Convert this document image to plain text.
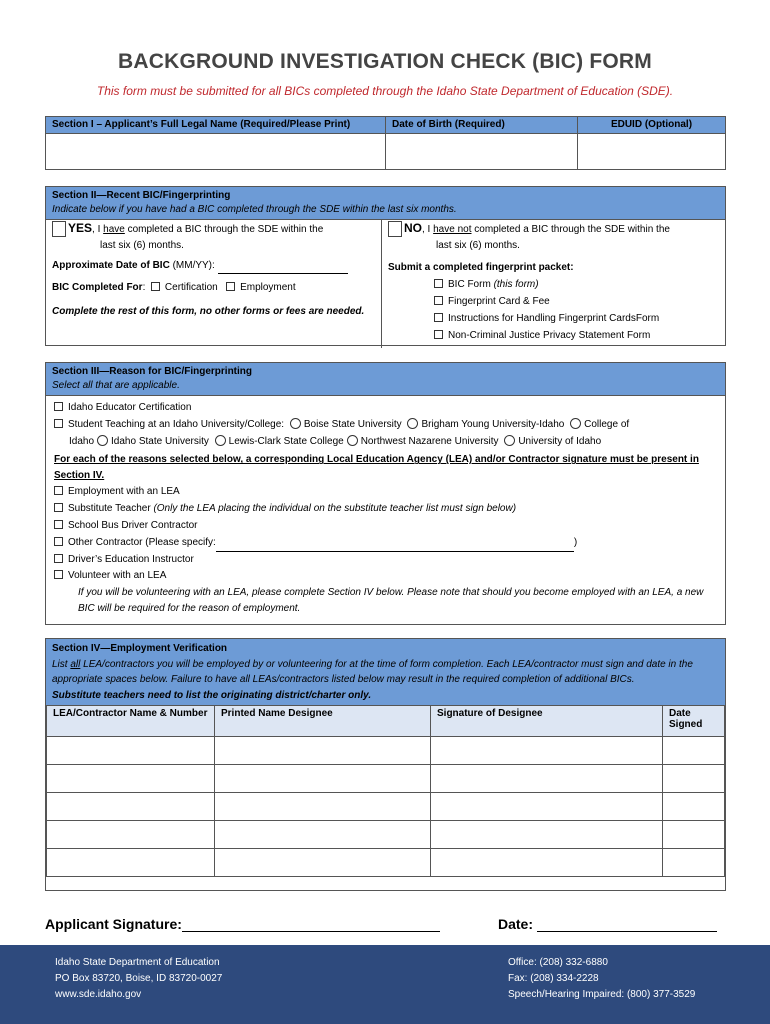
BACKGROUND INVESTIGATION CHECK (BIC) FORM
This form must be submitted for all BICs completed through the Idaho State Department of Education (SDE).
Section I – Applicant’s Full Legal Name (Required/Please Print)	Date of Birth (Required)	EDUID (Optional)
Section II—Recent BIC/Fingerprinting
Indicate below if you have had a BIC completed through the SDE within the last six months.
YES, I have completed a BIC through the SDE within the
last six (6) months.
Approximate Date of BIC (MM/YY):
BIC Completed For: Certification Employment
Complete the rest of this form, no other forms or fees are needed.
NO, I have not completed a BIC through the SDE within the
last six (6) months.
Submit a completed fingerprint packet:
BIC Form (this form)
Fingerprint Card & Fee
Instructions for Handling Fingerprint CardsForm
Non-Criminal Justice Privacy Statement Form
Section III—Reason for BIC/Fingerprinting
Select all that are applicable.
Idaho Educator Certification
Student Teaching at an Idaho University/College: Boise State University Brigham Young University-Idaho College of
Idaho Idaho State University Lewis-Clark State College Northwest Nazarene University University of Idaho
For each of the reasons selected below, a corresponding Local Education Agency (LEA) and/or Contractor signature must be present in Section IV.
Employment with an LEA
Substitute Teacher (Only the LEA placing the individual on the substitute teacher list must sign below)
School Bus Driver Contractor
Other Contractor (Please specify:	)
Driver’s Education Instructor
Volunteer with an LEA
If you will be volunteering with an LEA, please complete Section IV below. Please note that should you become employed with an LEA, a new BIC will be required for the reason of employment.
Section IV—Employment Verification
List all LEA/contractors you will be employed by or volunteering for at the time of form completion. Each LEA/contractor must sign and date in the appropriate spaces below. Failure to have all LEAs/contractors listed below may result in the required completion of additional BICs.
Substitute teachers need to list the originating district/charter only.
LEA/Contractor Name & Number	Printed Name Designee	Signature of Designee	Date Signed

Applicant Signature:	Date:
Idaho State Department of Education
PO Box 83720, Boise, ID 83720-0027
www.sde.idaho.gov
Office: (208) 332-6880
Fax: (208) 334-2228
Speech/Hearing Impaired: (800) 377-3529
